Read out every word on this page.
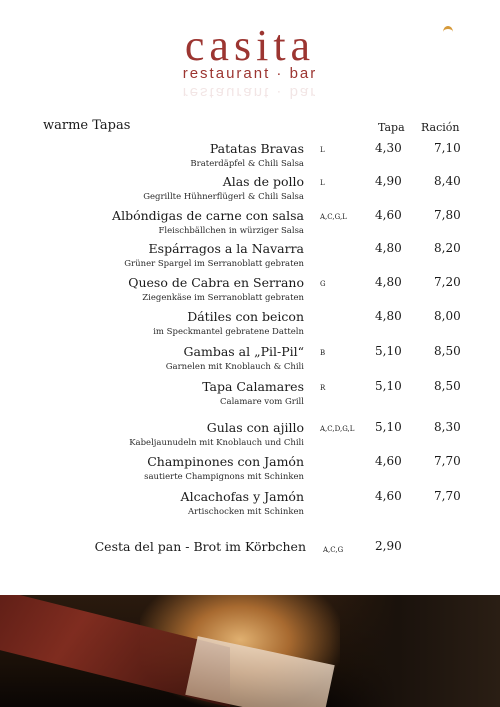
casita
restaurant · bar
restaurant · bar
warme Tapas	Tapa Ración
Patatas Bravas
Braterdäpfel & Chili Salsa
L	4,30	7,10
Alas de pollo
Gegrillte Hühnerflügerl & Chili Salsa
L	4,90	8,40
Albóndigas de carne con salsa
Fleischbällchen in würziger Salsa
A,C,G,L 4,60	7,80
Espárragos a la Navarra
Grüner Spargel im Serranoblatt gebraten
4,80	8,20
Queso de Cabra en Serrano
Ziegenkäse im Serranoblatt gebraten
G	4,80	7,20
Dátiles con beicon
im Speckmantel gebratene Datteln
4,80	8,00
Gambas al „Pil-Pil“
Garnelen mit Knoblauch & Chili
B	5,10	8,50
Tapa Calamares
Calamare vom Grill
R	5,10	8,50
Gulas con ajillo
Kabeljaunudeln mit Knoblauch und Chili
A,C,D,G,L 5,10	8,30
Champinones con Jamón
sautierte Champignons mit Schinken
4,60	7,70
Alcachofas y Jamón
Artischocken mit Schinken
4,60	7,70
Cesta del pan - Brot im Körbchen A,C,G	2,90
